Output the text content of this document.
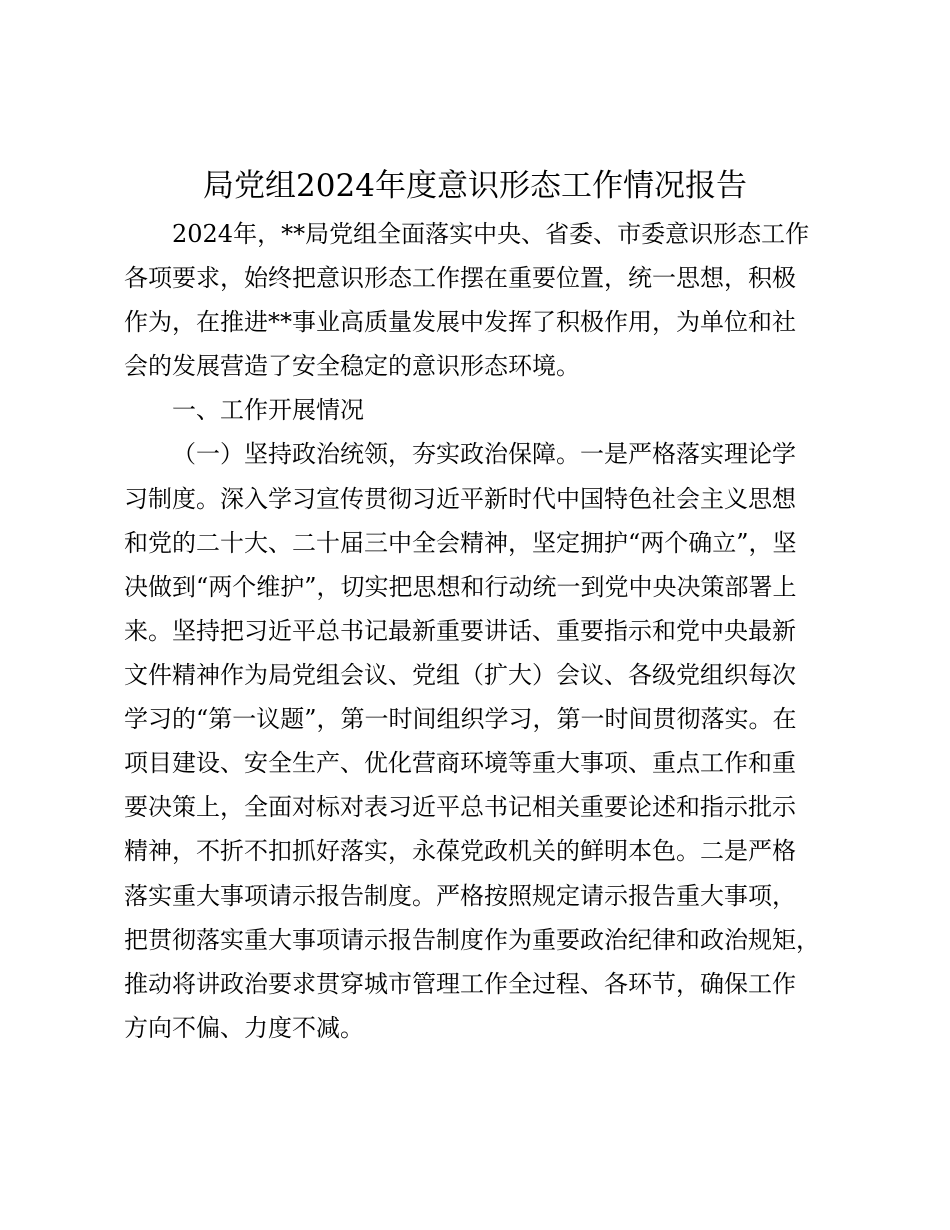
局党组2024年度意识形态工作情况报告
2024年，**局党组全面落实中央、省委、市委意识形态工作
各项要求，始终把意识形态工作摆在重要位置，统一思想，积极
作为，在推进**事业高质量发展中发挥了积极作用，为单位和社
会的发展营造了安全稳定的意识形态环境。
一、工作开展情况
（一）坚持政治统领，夯实政治保障。一是严格落实理论学
习制度。深入学习宣传贯彻习近平新时代中国特色社会主义思想
和党的二十大、二十届三中全会精神，坚定拥护“两个确立”，坚
决做到“两个维护”，切实把思想和行动统一到党中央决策部署上
来。坚持把习近平总书记最新重要讲话、重要指示和党中央最新
文件精神作为局党组会议、党组（扩大）会议、各级党组织每次
学习的“第一议题”，第一时间组织学习，第一时间贯彻落实。在
项目建设、安全生产、优化营商环境等重大事项、重点工作和重
要决策上，全面对标对表习近平总书记相关重要论述和指示批示
精神，不折不扣抓好落实，永葆党政机关的鲜明本色。二是严格
落实重大事项请示报告制度。严格按照规定请示报告重大事项，
把贯彻落实重大事项请示报告制度作为重要政治纪律和政治规矩，
推动将讲政治要求贯穿城市管理工作全过程、各环节，确保工作
方向不偏、力度不减。
